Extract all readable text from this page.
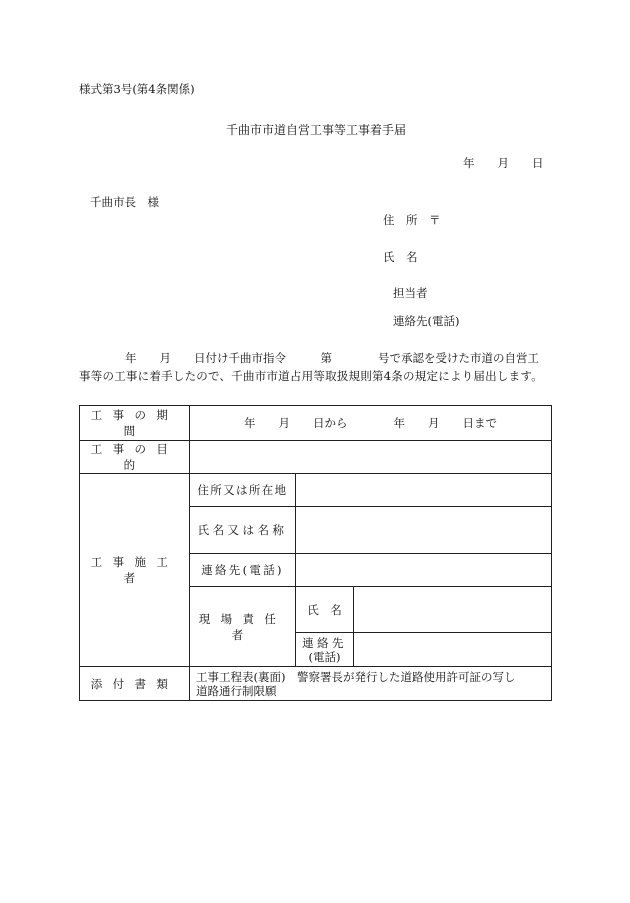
様式第3号(第4条関係)
千曲市市道自営工事等工事着手届
年　　月　　日
千曲市長　様
住　所　〒
氏　名
担当者
連絡先(電話)
年　　月　　日付け千曲市指令　　　第　　　　号で承認を受けた市道の自営工
事等の工事に着手したので、千曲市市道占用等取扱規則第4条の規定により届出します。
工事の期間	年　　月　　日から　　　　年　　月　　日まで		

工事の目的			
工事施工者	住所又は所在地		
	氏名又は名称		
	連絡先(電話)		
	現場責任者	氏　名	

		連絡先
(電話)	

添付書類	工事工程表(裏面)　警察署長が発行した道路使用許可証の写し
道路通行制限願		
